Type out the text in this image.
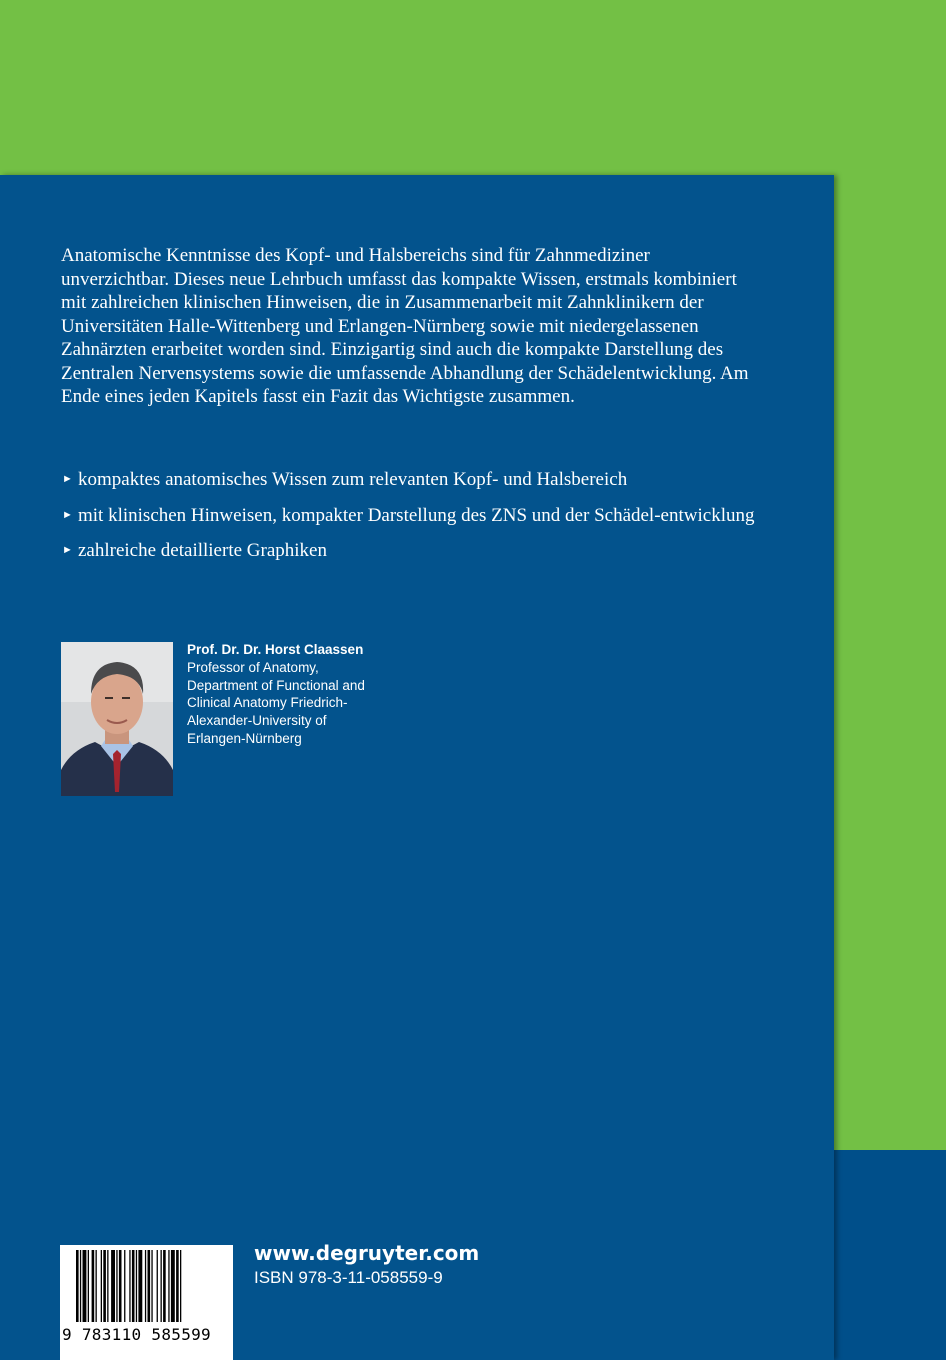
Anatomische Kenntnisse des Kopf- und Halsbereichs sind für Zahnmediziner unverzichtbar. Dieses neue Lehrbuch umfasst das kompakte Wissen, erstmals kombiniert mit zahlreichen klinischen Hinweisen, die in Zusammenarbeit mit Zahnklinikern der Universitäten Halle-Wittenberg und Erlangen-Nürnberg sowie mit niedergelassenen Zahnärzten erarbeitet worden sind. Einzigartig sind auch die kompakte Darstellung des Zentralen Nervensystems sowie die umfassende Abhandlung der Schädelentwicklung. Am Ende eines jeden Kapitels fasst ein Fazit das Wichtigste zusammen.

► kompaktes anatomisches Wissen zum relevanten Kopf- und Halsbereich
► mit klinischen Hinweisen, kompakter Darstellung des ZNS und der Schädel-entwicklung
► zahlreiche detaillierte Graphiken
Prof. Dr. Dr. Horst Claassen
Professor of Anatomy,
Department of Functional and
Clinical Anatomy Friedrich-
Alexander-University of
Erlangen-Nürnberg
9 783110 585599
www.degruyter.com
ISBN 978-3-11-058559-9
